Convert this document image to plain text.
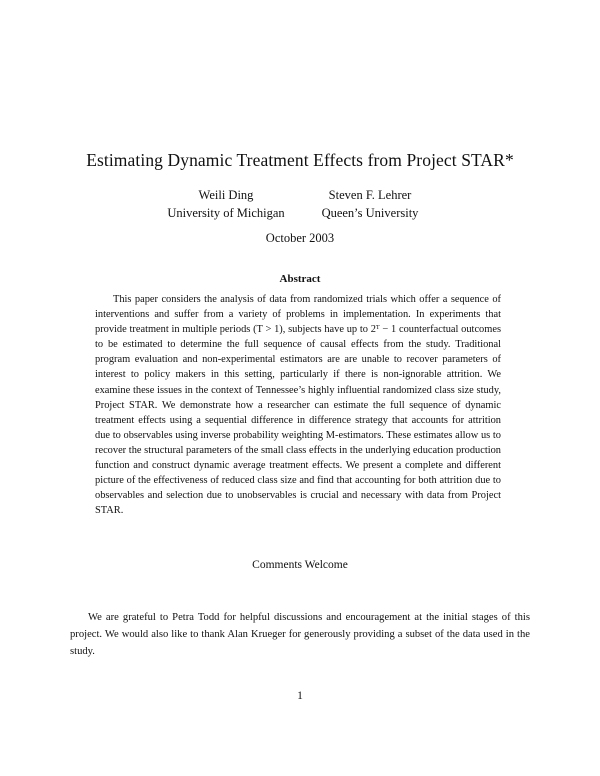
Estimating Dynamic Treatment Effects from Project STAR*
Weili Ding
University of Michigan
Steven F. Lehrer
Queen’s University
October 2003
Abstract

This paper considers the analysis of data from randomized trials which offer a sequence of interventions and suffer from a variety of problems in implementation. In experiments that provide treatment in multiple periods (T > 1), subjects have up to 2ᵀ − 1 counterfactual outcomes to be estimated to determine the full sequence of causal effects from the study. Traditional program evaluation and non-experimental estimators are are unable to recover parameters of interest to policy makers in this setting, particularly if there is non-ignorable attrition. We examine these issues in the context of Tennessee’s highly influential randomized class size study, Project STAR. We demonstrate how a researcher can estimate the full sequence of dynamic treatment effects using a sequential difference in difference strategy that accounts for attrition due to observables using inverse probability weighting M-estimators. These estimates allow us to recover the structural parameters of the small class effects in the underlying education production function and construct dynamic average treatment effects. We present a complete and different picture of the effectiveness of reduced class size and find that accounting for both attrition due to observables and selection due to unobservables is crucial and necessary with data from Project STAR.

Comments Welcome

We are grateful to Petra Todd for helpful discussions and encouragement at the initial stages of this project. We would also like to thank Alan Krueger for generously providing a subset of the data used in the study.

1
